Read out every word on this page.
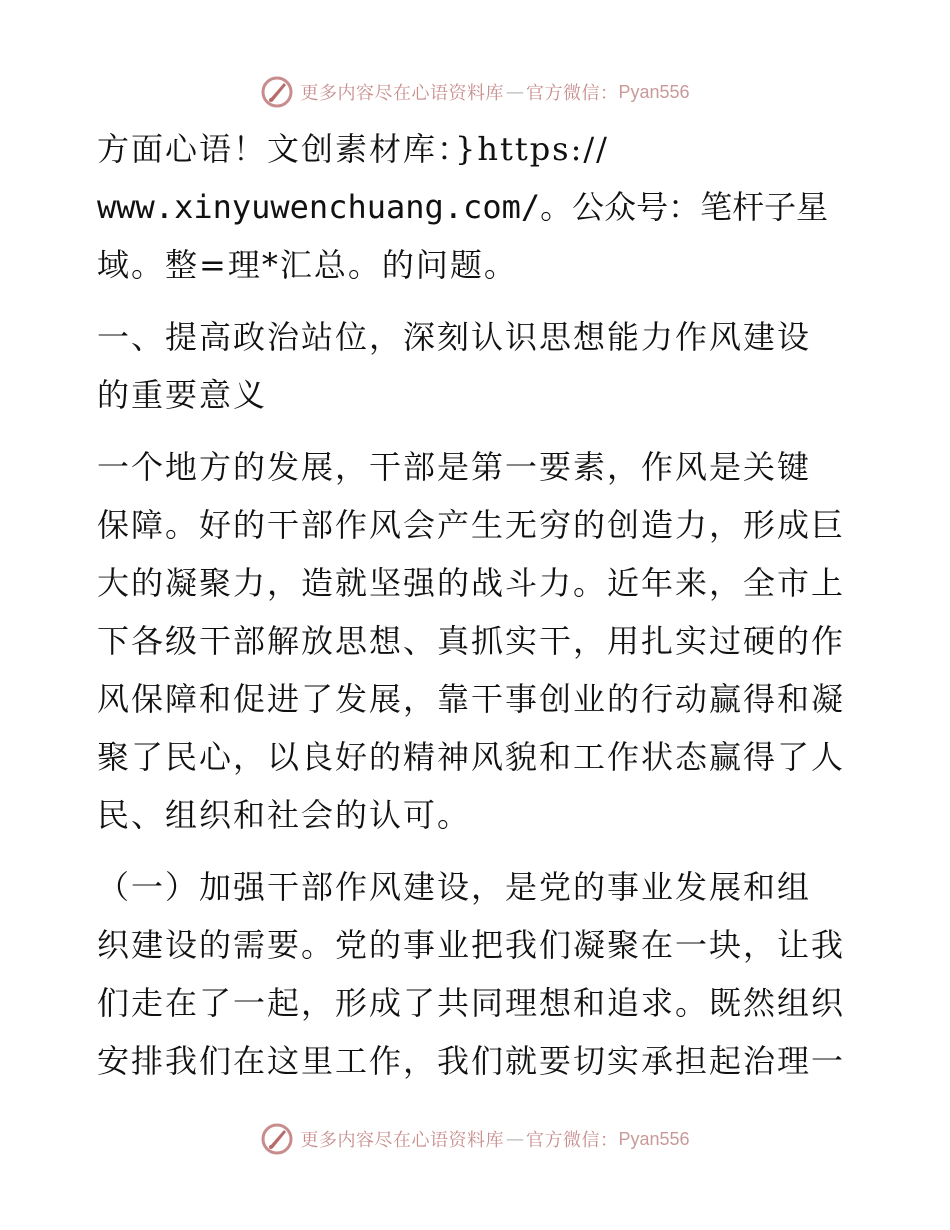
更多内容尽在心语资料库 — 官方微信： Pyan556
方面心语！文创素材库：}https://
www.xinyuwenchuang.com/。公众号：笔杆子星
域。整=理*汇总。的问题。
一、提高政治站位，深刻认识思想能力作风建设
的重要意义
一个地方的发展，干部是第一要素，作风是关键
保障。好的干部作风会产生无穷的创造力，形成巨
大的凝聚力，造就坚强的战斗力。近年来，全市上
下各级干部解放思想、真抓实干，用扎实过硬的作
风保障和促进了发展，靠干事创业的行动赢得和凝
聚了民心，以良好的精神风貌和工作状态赢得了人
民、组织和社会的认可。
（一）加强干部作风建设，是党的事业发展和组
织建设的需要。党的事业把我们凝聚在一块，让我
们走在了一起，形成了共同理想和追求。既然组织
安排我们在这里工作，我们就要切实承担起治理一
更多内容尽在心语资料库 — 官方微信： Pyan556
